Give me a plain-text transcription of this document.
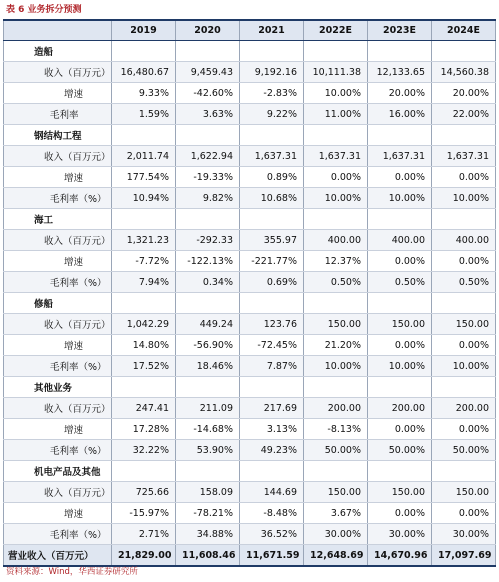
表 6 业务拆分预测
	2019	2020	2021	2022E	2023E	2024E
造船						
收入（百万元）	16,480.67	9,459.43	9,192.16	10,111.38	12,133.65	14,560.38
增速	9.33%	-42.60%	-2.83%	10.00%	20.00%	20.00%
毛利率	1.59%	3.63%	9.22%	11.00%	16.00%	22.00%
钢结构工程						
收入（百万元）	2,011.74	1,622.94	1,637.31	1,637.31	1,637.31	1,637.31
增速	177.54%	-19.33%	0.89%	0.00%	0.00%	0.00%
毛利率（%）	10.94%	9.82%	10.68%	10.00%	10.00%	10.00%
海工						
收入（百万元）	1,321.23	-292.33	355.97	400.00	400.00	400.00
增速	-7.72%	-122.13%	-221.77%	12.37%	0.00%	0.00%
毛利率（%）	7.94%	0.34%	0.69%	0.50%	0.50%	0.50%
修船						
收入（百万元）	1,042.29	449.24	123.76	150.00	150.00	150.00
增速	14.80%	-56.90%	-72.45%	21.20%	0.00%	0.00%
毛利率（%）	17.52%	18.46%	7.87%	10.00%	10.00%	10.00%
其他业务						
收入（百万元）	247.41	211.09	217.69	200.00	200.00	200.00
增速	17.28%	-14.68%	3.13%	-8.13%	0.00%	0.00%
毛利率（%）	32.22%	53.90%	49.23%	50.00%	50.00%	50.00%
机电产品及其他						
收入（百万元）	725.66	158.09	144.69	150.00	150.00	150.00
增速	-15.97%	-78.21%	-8.48%	3.67%	0.00%	0.00%
毛利率（%）	2.71%	34.88%	36.52%	30.00%	30.00%	30.00%
营业收入（百万元）	21,829.00	11,608.46	11,671.59	12,648.69	14,670.96	17,097.69
资料来源：Wind，华西证券研究所
